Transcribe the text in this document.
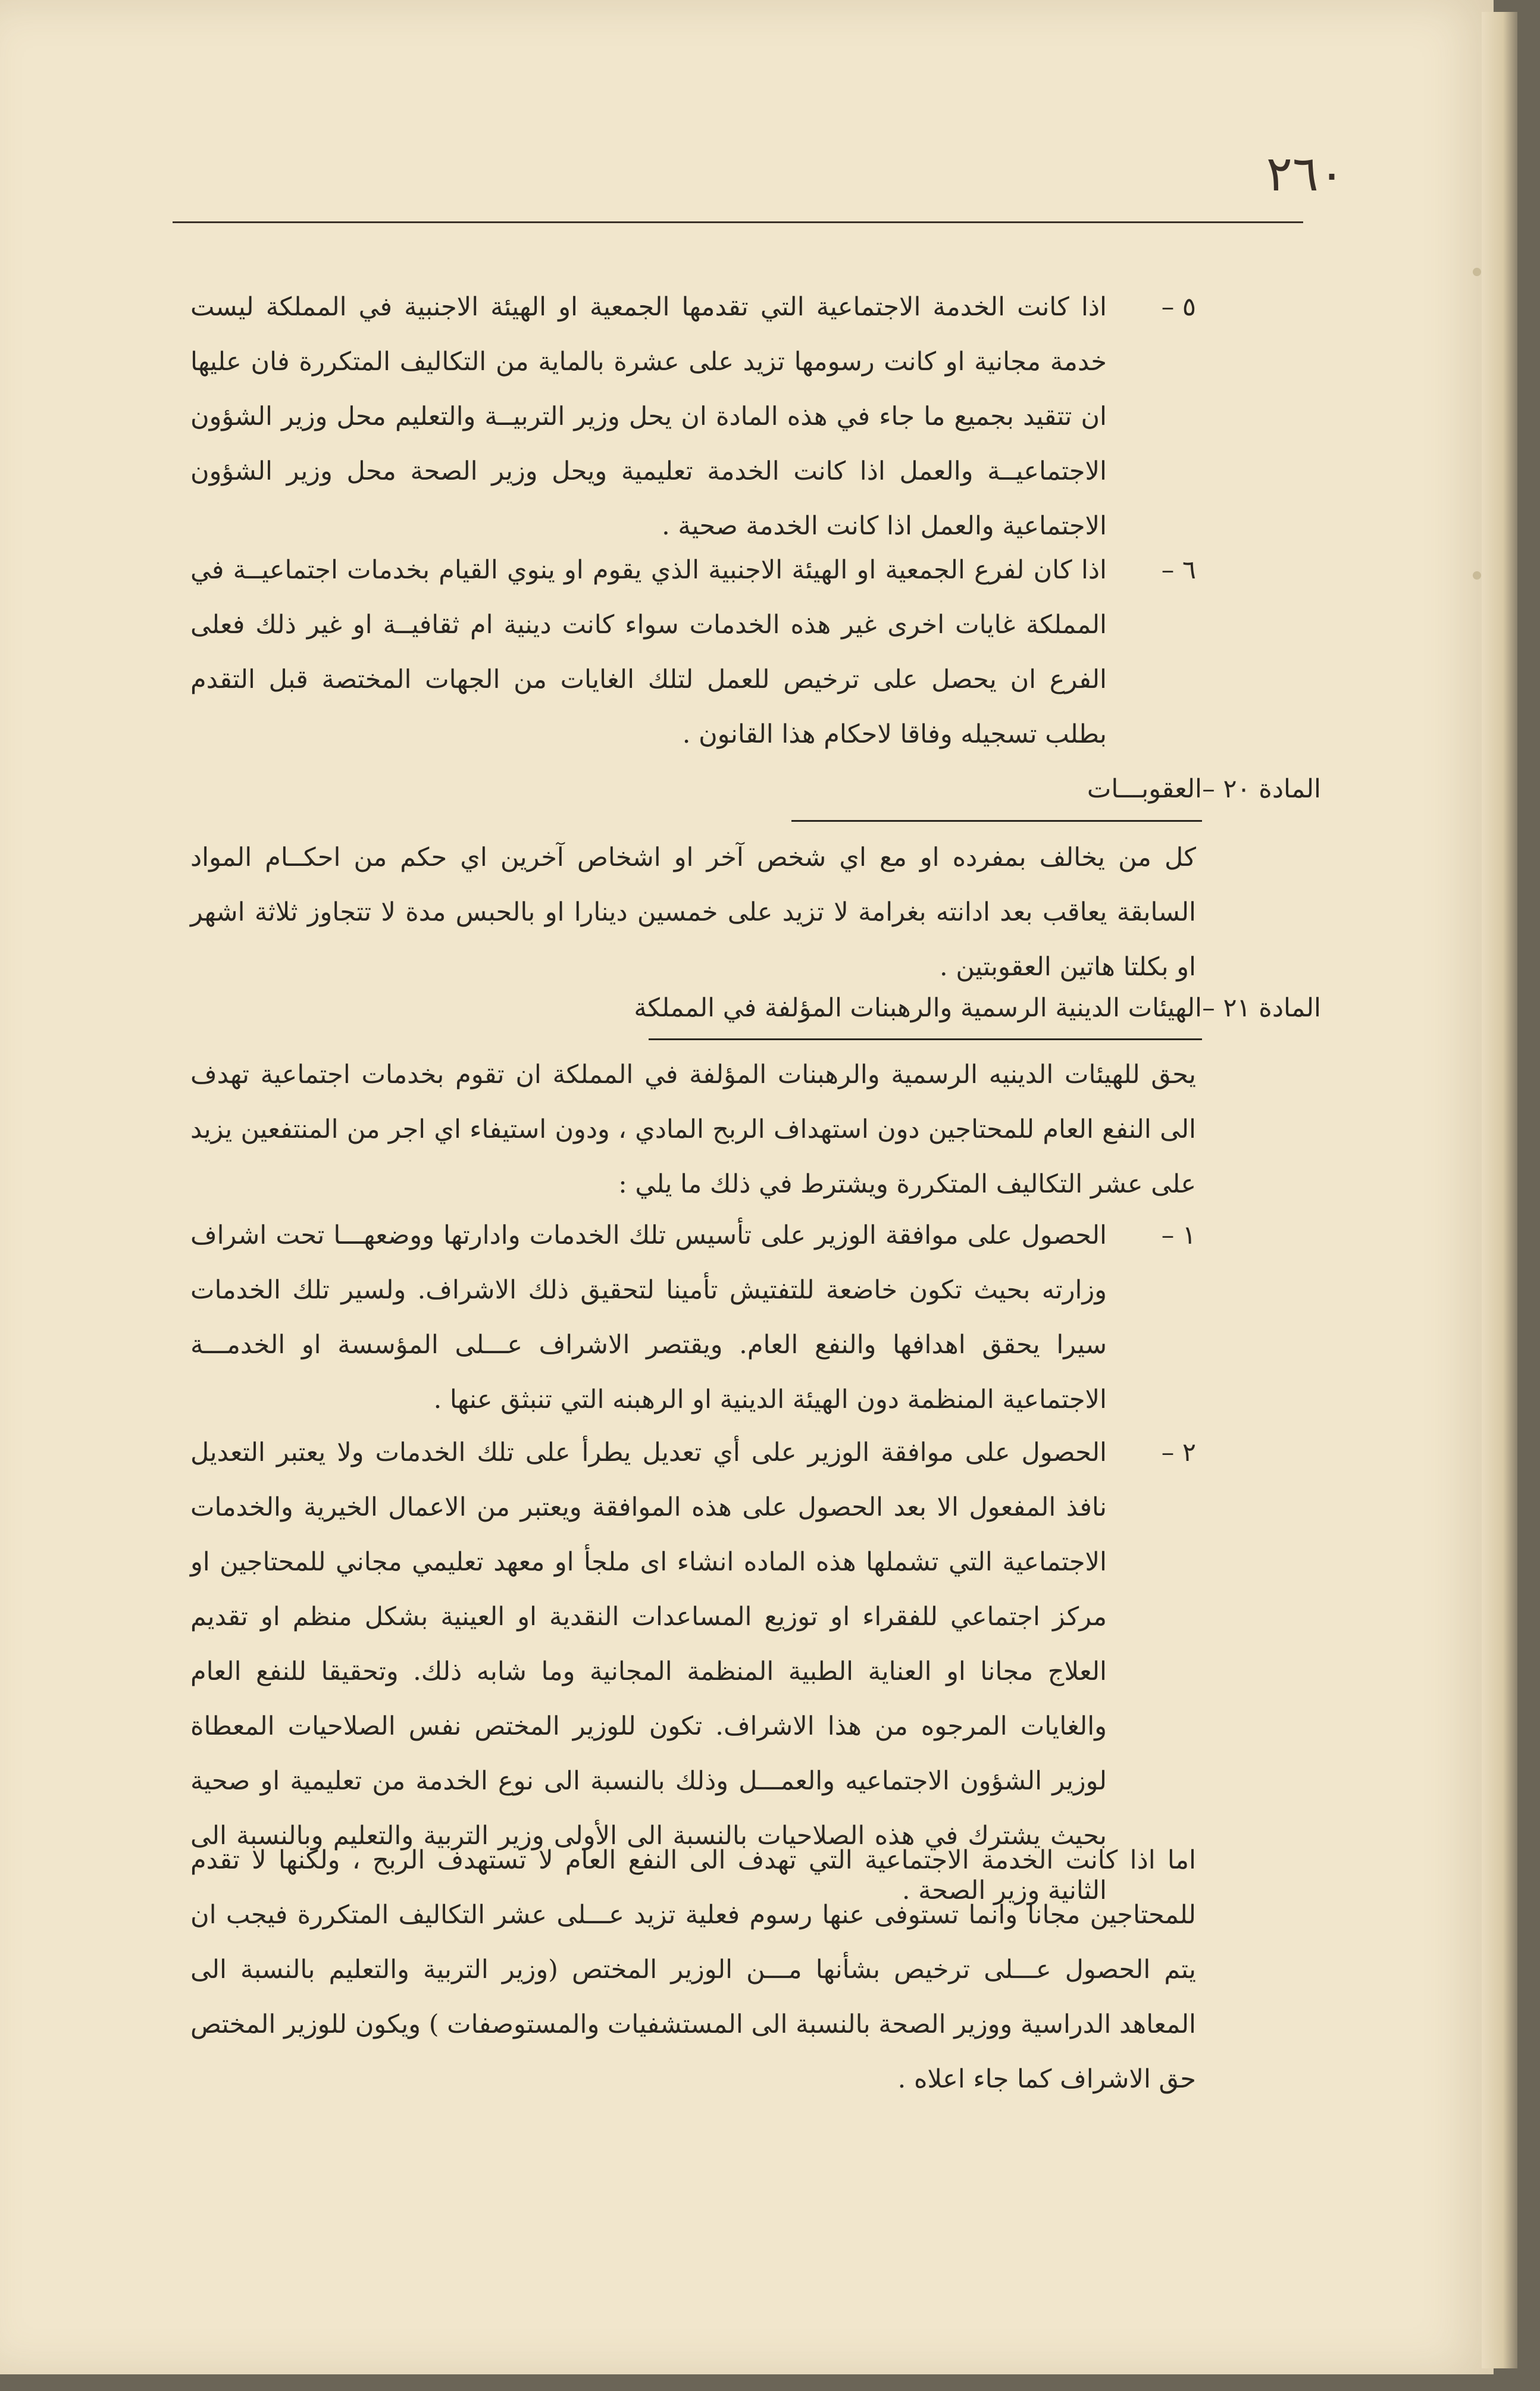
٢٦٠
٥ –
اذا كانت الخدمة الاجتماعية التي تقدمها الجمعية او الهيئة الاجنبية في المملكة ليست خدمة مجانية او كانت رسومها تزيد على عشرة بالماية من التكاليف المتكررة فان عليها ان تتقيد بجميع ما جاء في هذه المادة ان يحل وزير التربيــة والتعليم محل وزير الشؤون الاجتماعيــة والعمل اذا كانت الخدمة تعليمية ويحل وزير الصحة محل وزير الشؤون الاجتماعية والعمل اذا كانت الخدمة صحية .
٦ –
اذا كان لفرع الجمعية او الهيئة الاجنبية الذي يقوم او ينوي القيام بخدمات اجتماعيــة في المملكة غايات اخرى غير هذه الخدمات سواء كانت دينية ام ثقافيــة او غير ذلك فعلى الفرع ان يحصل على ترخيص للعمل لتلك الغايات من الجهات المختصة قبل التقدم بطلب تسجيله وفاقا لاحكام هذا القانون .
المادة ٢٠ –
العقوبـــات
كل من يخالف بمفرده او مع اي شخص آخر او اشخاص آخرين اي حكم من احكــام المواد السابقة يعاقب بعد ادانته بغرامة لا تزيد على خمسين دينارا او بالحبس مدة لا تتجاوز ثلاثة اشهر او بكلتا هاتين العقوبتين .
المادة ٢١ –
الهيئات الدينية الرسمية والرهبنات المؤلفة في المملكة
يحق للهيئات الدينيه الرسمية والرهبنات المؤلفة في المملكة ان تقوم بخدمات اجتماعية تهدف الى النفع العام للمحتاجين دون استهداف الربح المادي ، ودون استيفاء اي اجر من المنتفعين يزيد على عشر التكاليف المتكررة ويشترط في ذلك ما يلي :
١ –
الحصول على موافقة الوزير على تأسيس تلك الخدمات وادارتها ووضعهـــا تحت اشراف وزارته بحيث تكون خاضعة للتفتيش تأمينا لتحقيق ذلك الاشراف. ولسير تلك الخدمات سيرا يحقق اهدافها والنفع العام. ويقتصر الاشراف عـــلى المؤسسة او الخدمـــة الاجتماعية المنظمة دون الهيئة الدينية او الرهبنه التي تنبثق عنها .
٢ –
الحصول على موافقة الوزير على أي تعديل يطرأ على تلك الخدمات ولا يعتبر التعديل نافذ المفعول الا بعد الحصول على هذه الموافقة ويعتبر من الاعمال الخيرية والخدمات الاجتماعية التي تشملها هذه الماده انشاء اى ملجأ او معهد تعليمي مجاني للمحتاجين او مركز اجتماعي للفقراء او توزيع المساعدات النقدية او العينية بشكل منظم او تقديم العلاج مجانا او العناية الطبية المنظمة المجانية وما شابه ذلك. وتحقيقا للنفع العام والغايات المرجوه من هذا الاشراف. تكون للوزير المختص نفس الصلاحيات المعطاة لوزير الشؤون الاجتماعيه والعمـــل وذلك بالنسبة الى نوع الخدمة من تعليمية او صحية بحيث يشترك في هذه الصلاحيات بالنسبة الى الأولى وزير التربية والتعليم وبالنسبة الى الثانية وزير الصحة .
اما اذا كانت الخدمة الاجتماعية التي تهدف الى النفع العام لا تستهدف الربح ، ولكنها لا تقدم للمحتاجين مجانا وانما تستوفى عنها رسوم فعلية تزيد عـــلى عشر التكاليف المتكررة فيجب ان يتم الحصول عـــلى ترخيص بشأنها مـــن الوزير المختص (وزير التربية والتعليم بالنسبة الى المعاهد الدراسية ووزير الصحة بالنسبة الى المستشفيات والمستوصفات ) ويكون للوزير المختص حق الاشراف كما جاء اعلاه .
